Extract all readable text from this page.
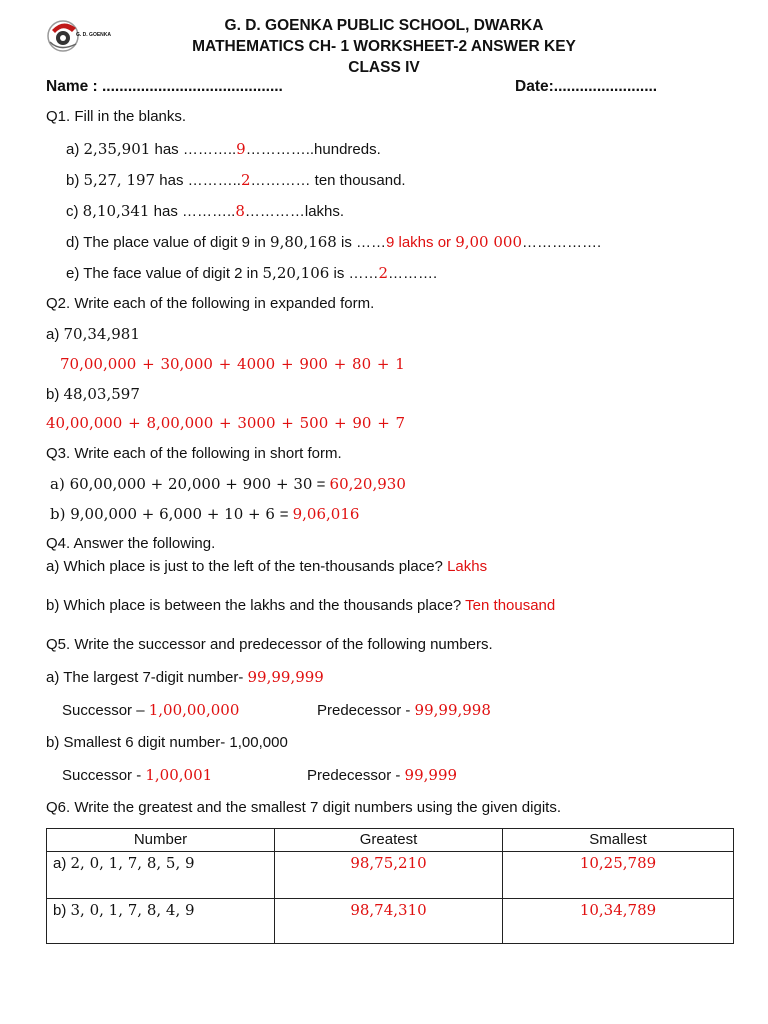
G. D. GOENKA
G. D. GOENKA PUBLIC SCHOOL, DWARKA
MATHEMATICS CH- 1 WORKSHEET-2 ANSWER KEY
CLASS IV
Name : ..........................................	Date:........................
Q1. Fill in the blanks.
a) 2,35,901 has ………..9…………..hundreds.
b) 5,27, 197 has ………..2………… ten thousand.
c) 8,10,341 has ………..8…………lakhs.
d) The place value of digit 9 in 9,80,168 is ……9 lakhs or 9,00 000…………….
e) The face value of digit 2 in 5,20,106 is ……2……….
Q2. Write each of the following in expanded form.
a) 70,34,981
70,00,000 + 30,000 + 4000 + 900 + 80 + 1
b) 48,03,597
40,00,000 + 8,00,000 + 3000 + 500 + 90 + 7
Q3. Write each of the following in short form.
a) 60,00,000 + 20,000 + 900 + 30 = 60,20,930
b) 9,00,000 + 6,000 + 10 + 6 = 9,06,016
Q4. Answer the following.
a) Which place is just to the left of the ten-thousands place? Lakhs
b) Which place is between the lakhs and the thousands place? Ten thousand
Q5. Write the successor and predecessor of the following numbers.
a) The largest 7-digit number- 99,99,999
Successor – 1,00,00,000	Predecessor - 99,99,998
b) Smallest 6 digit number- 1,00,000
Successor - 1,00,001	Predecessor - 99,999
Q6. Write the greatest and the smallest 7 digit numbers using the given digits.
Number	Greatest	Smallest
a) 2, 0, 1, 7, 8, 5, 9	98,75,210	10,25,789
b) 3, 0, 1, 7, 8, 4, 9	98,74,310	10,34,789
